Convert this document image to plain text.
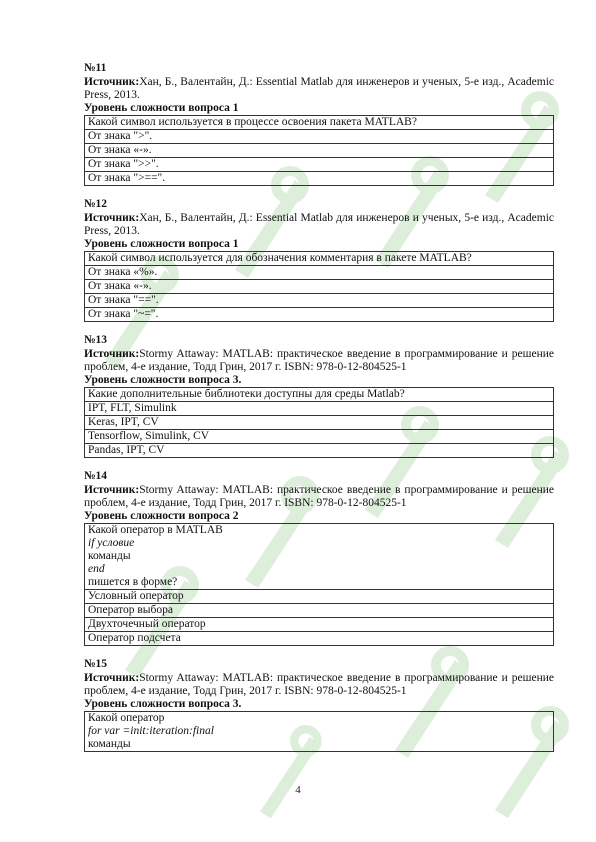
№11
Источник:Хан, Б., Валентайн, Д.: Essential Matlab для инженеров и ученых, 5-е изд., Academic Press, 2013.
Уровень сложности вопроса 1
Какой символ используется в процессе освоения пакета MATLAB?
От знака ">".
От знака «-».
От знака ">>".
От знака ">==".
№12
Источник:Хан, Б., Валентайн, Д.: Essential Matlab для инженеров и ученых, 5-е изд., Academic Press, 2013.
Уровень сложности вопроса 1
Какой символ используется для обозначения комментария в пакете MATLAB?
От знака «%».
От знака «-».
От знака "==".
От знака "~=".
№13
Источник:Stormy Attaway: MATLAB: практическое введение в программирование и решение проблем, 4-е издание, Тодд Грин, 2017 г. ISBN: 978-0-12-804525-1
Уровень сложности вопроса 3.
Какие дополнительные библиотеки доступны для среды Matlab?
IPT, FLT, Simulink
Keras, IPT, CV
Tensorflow, Simulink, CV
Pandas, IPT, CV
№14
Источник:Stormy Attaway: MATLAB: практическое введение в программирование и решение проблем, 4-е издание, Тодд Грин, 2017 г. ISBN: 978-0-12-804525-1
Уровень сложности вопроса 2
Какой оператор в MATLAB
if условие
команды
end
пишется в форме?

Условный оператор
Оператор выбора
Двухточечный оператор
Оператор подсчета
№15
Источник:Stormy Attaway: MATLAB: практическое введение в программирование и решение проблем, 4-е издание, Тодд Грин, 2017 г. ISBN: 978-0-12-804525-1
Уровень сложности вопроса 3.
Какой оператор
for var =init:iteration:final
команды
4
